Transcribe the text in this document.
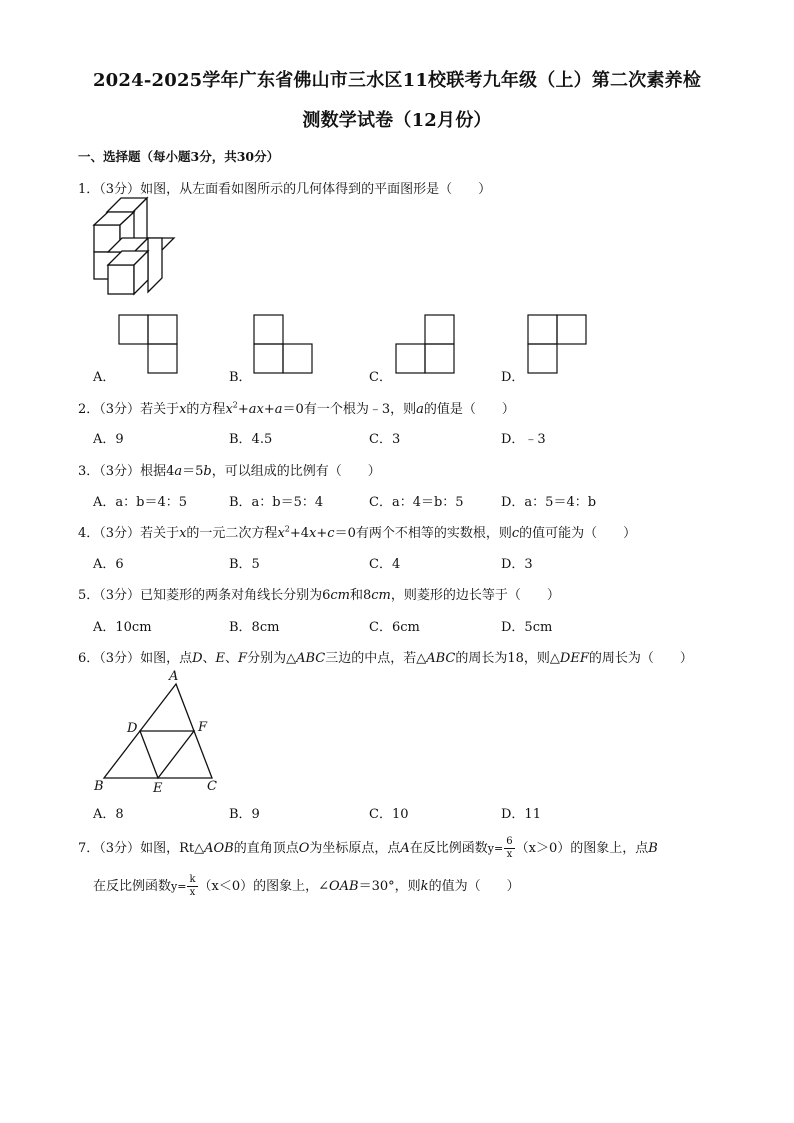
2024-2025学年广东省佛山市三水区11校联考九年级（上）第二次素养检
测数学试卷（12月份）
一、选择题（每小题3分，共30分）
1．（3分）如图，从左面看如图所示的几何体得到的平面图形是（　　）
A．	B．	C．	D．
2．（3分）若关于x的方程$x^2+ax+a=0$有一个根为﹣3，则a的值是（　　）
A．9	B．4.5	C．3	D．﹣3
3．（3分）根据4a＝5b，可以组成的比例有（　　）
A．a：b＝4：5	B．a：b＝5：4	C．a：4＝b：5	D．a：5＝4：b
4．（3分）若关于x的一元二次方程$x^2+4x+c=0$有两个不相等的实数根，则c的值可能为（　　）
A．6	B．5	C．4	D．3
5．（3分）已知菱形的两条对角线长分别为6cm和8cm，则菱形的边长等于（　　）
A．10cm	B．8cm	C．6cm	D．5cm
6．（3分）如图，点D、E、F分别为△ABC三边的中点，若△ABC的周长为18，则△DEF的周长为（　　）
A
B	C
D
E
F
A．8	B．9	C．10	D．11
7．（3分）如图，Rt△AOB的直角顶点O为坐标原点，点A在反比例函数$y= \frac{6}{x} (x>0)$的图象上，点B
在反比例函数$y= \frac{k}{x} (x<0)$的图象上，∠OAB＝30°，则k的值为（　　）
